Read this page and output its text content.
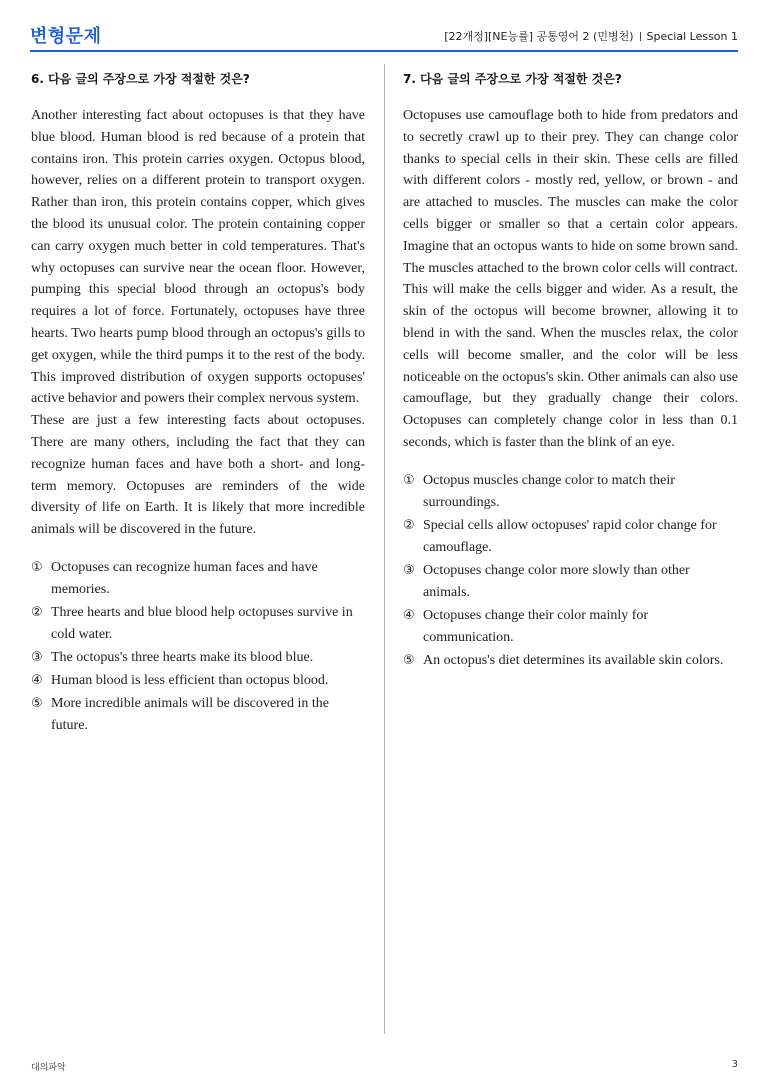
변형문제	[22개정][NE능률] 공통영어 2 (민병천) Special Lesson 1
6. 다음 글의 주장으로 가장 적절한 것은?

Another interesting fact about octopuses is that they have blue blood. Human blood is red because of a protein that contains iron. This protein carries oxygen. Octopus blood, however, relies on a different protein to transport oxygen. Rather than iron, this protein contains copper, which gives the blood its unusual color. The protein containing copper can carry oxygen much better in cold temperatures. That's why octopuses can survive near the ocean floor. However, pumping this special blood through an octopus's body requires a lot of force. Fortunately, octopuses have three hearts. Two hearts pump blood through an octopus's gills to get oxygen, while the third pumps it to the rest of the body. This improved distribution of oxygen supports octopuses' active behavior and powers their complex nervous system.

These are just a few interesting facts about octopuses. There are many others, including the fact that they can recognize human faces and have both a short- and long-term memory. Octopuses are reminders of the wide diversity of life on Earth. It is likely that more incredible animals will be discovered in the future.

① Octopuses can recognize human faces and have memories.
② Three hearts and blue blood help octopuses survive in cold water.
③ The octopus's three hearts make its blood blue.
④ Human blood is less efficient than octopus blood.
⑤ More incredible animals will be discovered in the future.
7. 다음 글의 주장으로 가장 적절한 것은?

Octopuses use camouflage both to hide from predators and to secretly crawl up to their prey. They can change color thanks to special cells in their skin. These cells are filled with different colors - mostly red, yellow, or brown - and are attached to muscles. The muscles can make the color cells bigger or smaller so that a certain color appears. Imagine that an octopus wants to hide on some brown sand. The muscles attached to the brown color cells will contract. This will make the cells bigger and wider. As a result, the skin of the octopus will become browner, allowing it to blend in with the sand. When the muscles relax, the color cells will become smaller, and the color will be less noticeable on the octopus's skin. Other animals can also use camouflage, but they gradually change their colors. Octopuses can completely change color in less than 0.1 seconds, which is faster than the blink of an eye.

① Octopus muscles change color to match their surroundings.
② Special cells allow octopuses' rapid color change for camouflage.
③ Octopuses change color more slowly than other animals.
④ Octopuses change their color mainly for communication.
⑤ An octopus's diet determines its available skin colors.
대의파악	3
